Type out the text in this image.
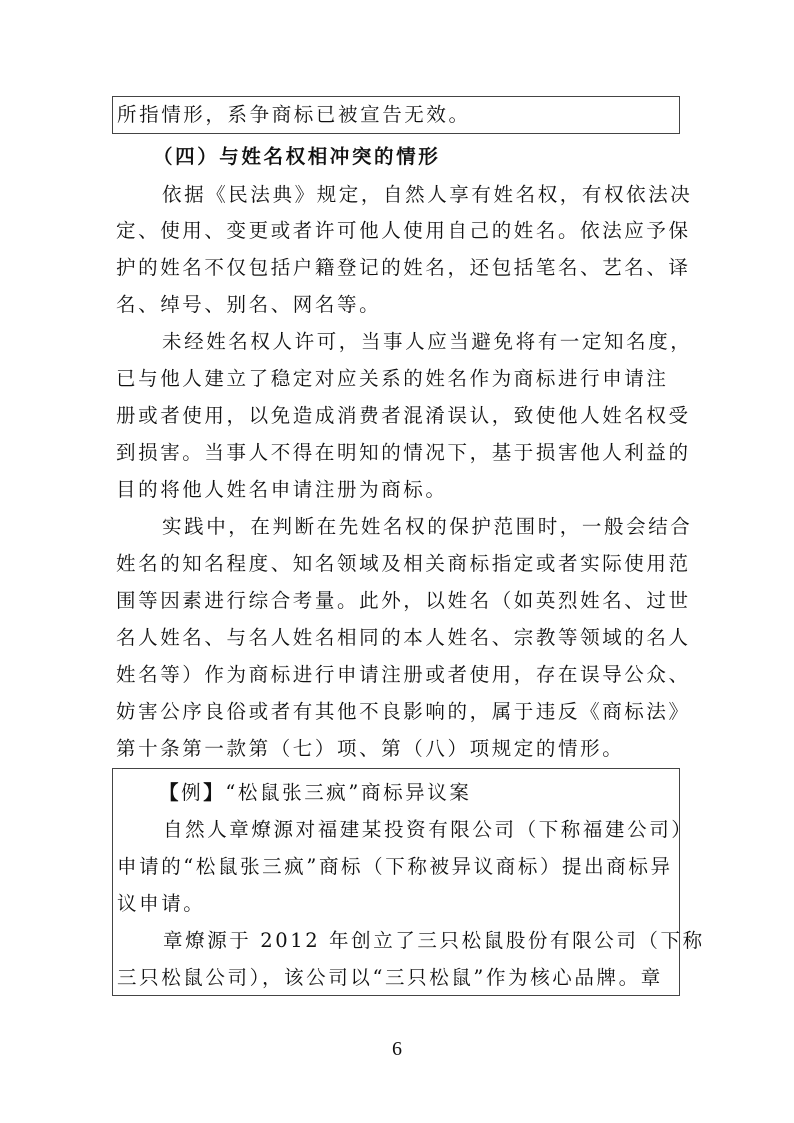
所指情形，系争商标已被宣告无效。
（四）与姓名权相冲突的情形
依据《民法典》规定，自然人享有姓名权，有权依法决
定、使用、变更或者许可他人使用自己的姓名。依法应予保
护的姓名不仅包括户籍登记的姓名，还包括笔名、艺名、译
名、绰号、别名、网名等。
未经姓名权人许可，当事人应当避免将有一定知名度，
已与他人建立了稳定对应关系的姓名作为商标进行申请注
册或者使用，以免造成消费者混淆误认，致使他人姓名权受
到损害。当事人不得在明知的情况下，基于损害他人利益的
目的将他人姓名申请注册为商标。
实践中，在判断在先姓名权的保护范围时，一般会结合
姓名的知名程度、知名领域及相关商标指定或者实际使用范
围等因素进行综合考量。此外，以姓名（如英烈姓名、过世
名人姓名、与名人姓名相同的本人姓名、宗教等领域的名人
姓名等）作为商标进行申请注册或者使用，存在误导公众、
妨害公序良俗或者有其他不良影响的，属于违反《商标法》
第十条第一款第（七）项、第（八）项规定的情形。
【例】“松鼠张三疯”商标异议案
自然人章燎源对福建某投资有限公司（下称福建公司）
申请的“松鼠张三疯”商标（下称被异议商标）提出商标异
议申请。
章燎源于 2012 年创立了三只松鼠股份有限公司（下称
三只松鼠公司），该公司以“三只松鼠”作为核心品牌。章
6
